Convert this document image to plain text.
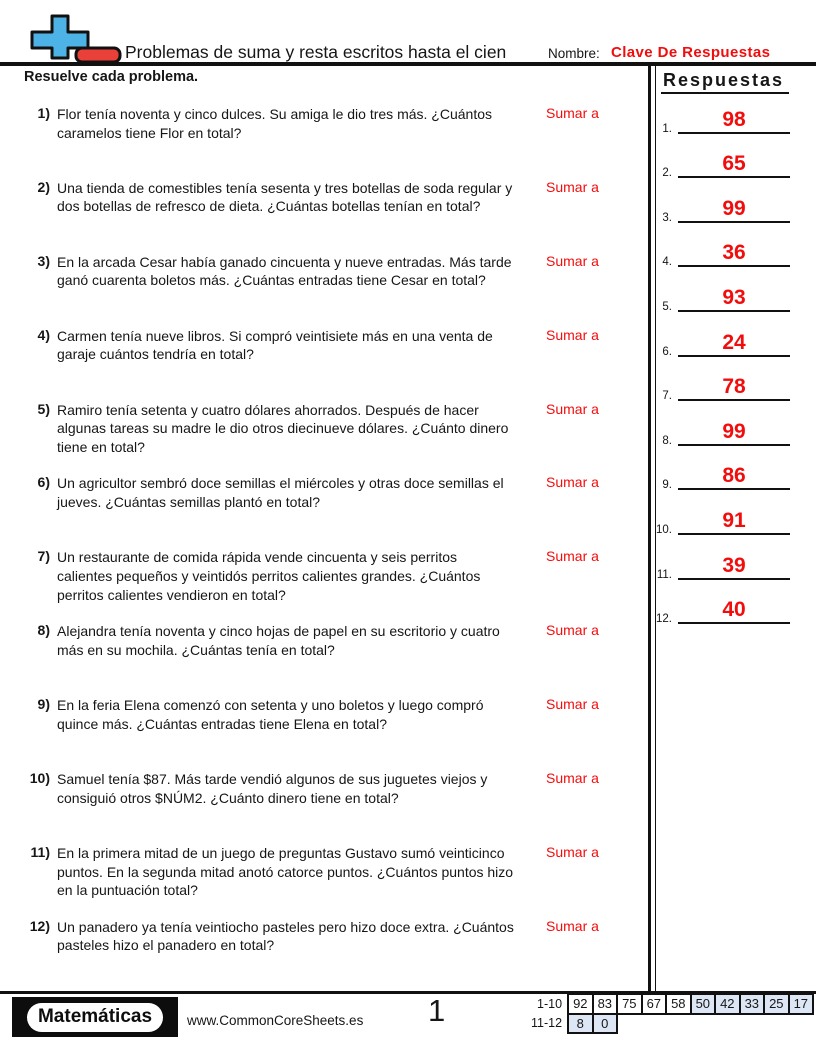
Problemas de suma y resta escritos hasta el cien	Nombre: Clave De Respuestas
Resuelve cada problema.	Respuestas
1.	98
2.	65
3.	99
4.	36
5.	93
6.	24
7.	78
8.	99
9.	86
10.	91
11.	39
12.	40
1) Flor tenía noventa y cinco dulces. Su amiga le dio tres más. ¿Cuántos caramelos tiene Flor en total?
Sumar a
2) Una tienda de comestibles tenía sesenta y tres botellas de soda regular y dos botellas de refresco de dieta. ¿Cuántas botellas tenían en total?
Sumar a
3) En la arcada Cesar había ganado cincuenta y nueve entradas. Más tarde ganó cuarenta boletos más. ¿Cuántas entradas tiene Cesar en total?
Sumar a
4) Carmen tenía nueve libros. Si compró veintisiete más en una venta de garaje cuántos tendría en total?
Sumar a
5) Ramiro tenía setenta y cuatro dólares ahorrados. Después de hacer algunas tareas su madre le dio otros diecinueve dólares. ¿Cuánto dinero tiene en total?
Sumar a
6) Un agricultor sembró doce semillas el miércoles y otras doce semillas el jueves. ¿Cuántas semillas plantó en total?
Sumar a
7) Un restaurante de comida rápida vende cincuenta y seis perritos calientes pequeños y veintidós perritos calientes grandes. ¿Cuántos perritos calientes vendieron en total?
Sumar a
8) Alejandra tenía noventa y cinco hojas de papel en su escritorio y cuatro más en su mochila. ¿Cuántas tenía en total?
Sumar a
9) En la feria Elena comenzó con setenta y uno boletos y luego compró quince más. ¿Cuántas entradas tiene Elena en total?
Sumar a
10) Samuel tenía $87. Más tarde vendió algunos de sus juguetes viejos y consiguió otros $NÚM2. ¿Cuánto dinero tiene en total?
Sumar a
11) En la primera mitad de un juego de preguntas Gustavo sumó veinticinco puntos. En la segunda mitad anotó catorce puntos. ¿Cuántos puntos hizo en la puntuación total?
Sumar a
12) Un panadero ya tenía veintiocho pasteles pero hizo doce extra. ¿Cuántos pasteles hizo el panadero en total?
Sumar a
Matemáticas	www.CommonCoreSheets.es 1	1-10	92	83	75	67	58	50	42	33	25	17
11-12	8	0								
